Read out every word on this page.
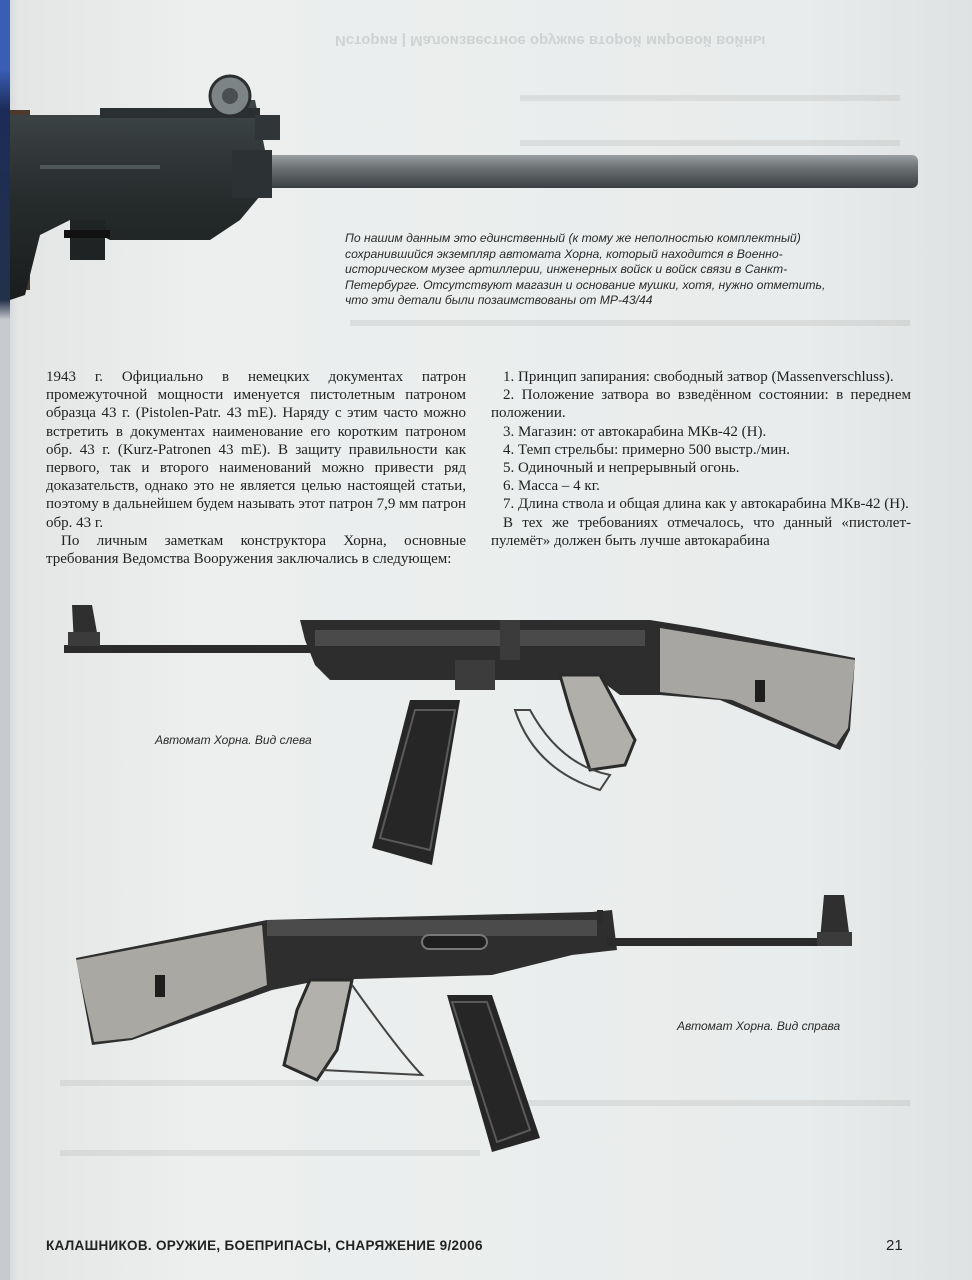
История | Малоизвестное оружие второй мировой войны
По нашим данным это единственный (к тому же неполностью комплектный) сохранившийся экземпляр автомата Хорна, который находится в Военно-историческом музее артиллерии, инженерных войск и войск связи в Санкт-Петербурге. Отсутствуют магазин и основание мушки, хотя, нужно отметить, что эти детали были позаимствованы от МР-43/44

1943 г. Официально в немецких документах патрон промежуточной мощности именуется пистолетным патроном образца 43 г. (Pistolen-Patr. 43 mE). Наряду с этим часто можно встретить в документах наименование его коротким патроном обр. 43 г. (Kurz-Patronen 43 mE). В защиту правильности как первого, так и второго наименований можно привести ряд доказательств, однако это не является целью настоящей статьи, поэтому в дальнейшем будем называть этот патрон 7,9 мм патрон обр. 43 г.

По личным заметкам конструктора Хорна, основные требования Ведомства Вооружения заключались в следующем:

1. Принцип запирания: свободный затвор (Massenverschluss).

2. Положение затвора во взведённом состоянии: в переднем положении.

3. Магазин: от автокарабина МКв-42 (Н).

4. Темп стрельбы: примерно 500 выстр./мин.

5. Одиночный и непрерывный огонь.

6. Масса – 4 кг.

7. Длина ствола и общая длина как у автокарабина МКв-42 (Н).

В тех же требованиях отмечалось, что данный «пистолет-пулемёт» должен быть лучше автокарабина

Автомат Хорна. Вид слева
Автомат Хорна. Вид справа
КАЛАШНИКОВ. ОРУЖИЕ, БОЕПРИПАСЫ, СНАРЯЖЕНИЕ 9/2006	21
